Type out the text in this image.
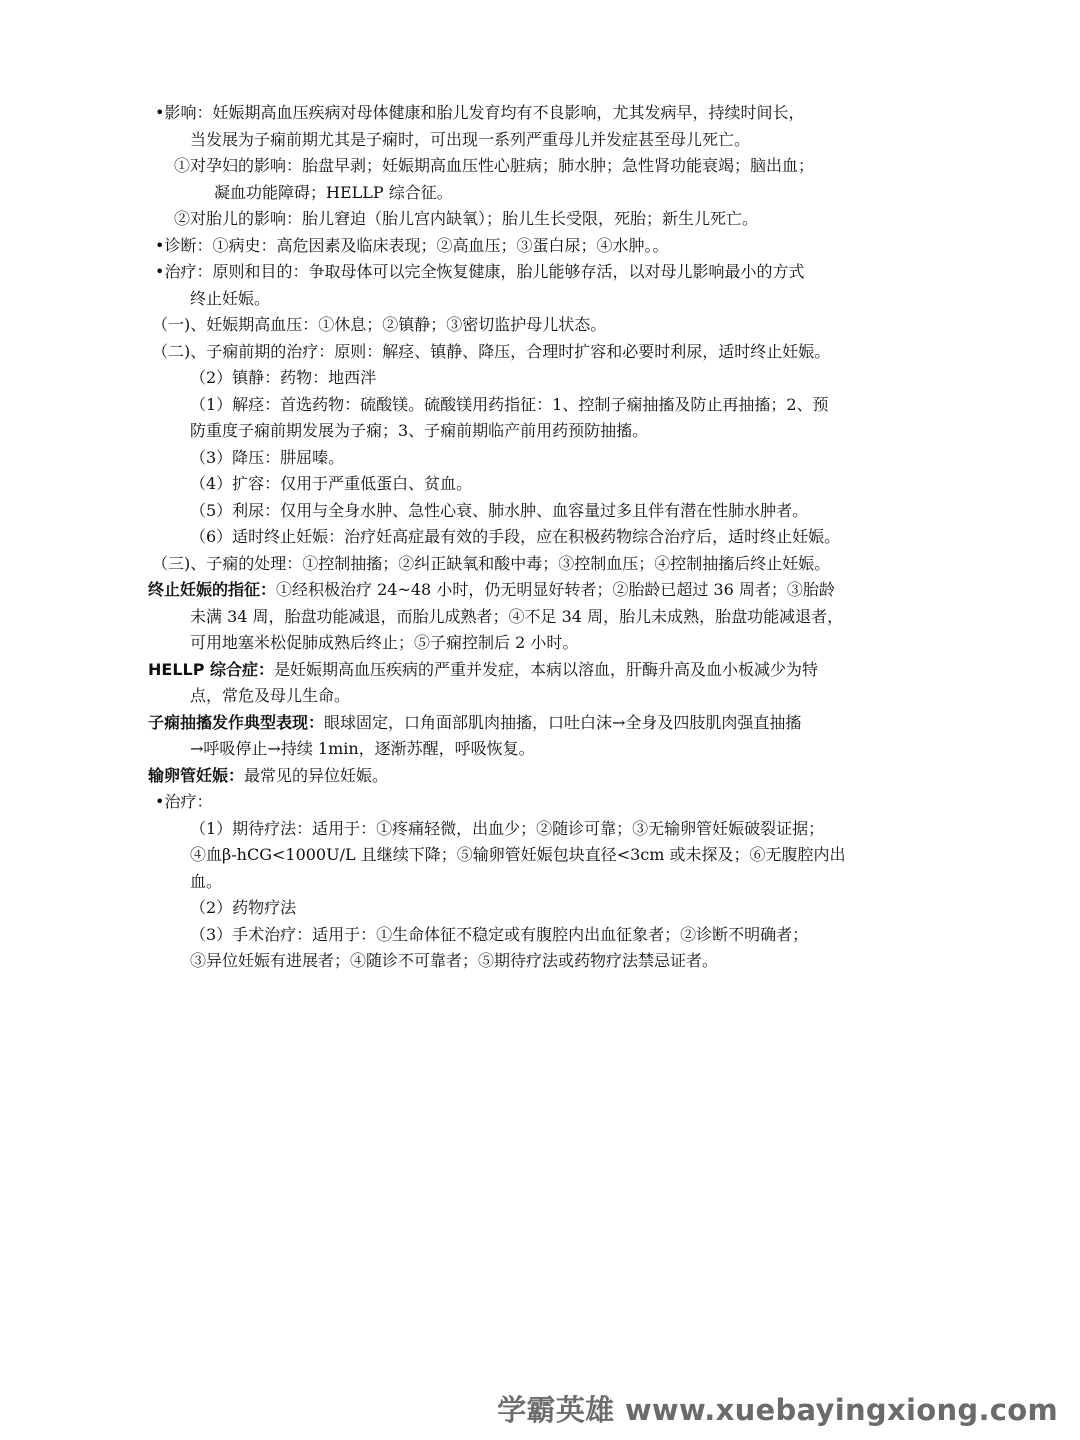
•影响：妊娠期高血压疾病对母体健康和胎儿发育均有不良影响，尤其发病早，持续时间长，
当发展为子痫前期尤其是子痫时，可出现一系列严重母儿并发症甚至母儿死亡。
①对孕妇的影响：胎盘早剥；妊娠期高血压性心脏病；肺水肿；急性肾功能衰竭；脑出血；
凝血功能障碍；HELLP 综合征。
②对胎儿的影响：胎儿窘迫（胎儿宫内缺氧）；胎儿生长受限，死胎；新生儿死亡。
•诊断：①病史：高危因素及临床表现；②高血压；③蛋白尿；④水肿。。
•治疗：原则和目的：争取母体可以完全恢复健康，胎儿能够存活，以对母儿影响最小的方式
终止妊娠。
（一)、妊娠期高血压：①休息；②镇静；③密切监护母儿状态。
（二)、子痫前期的治疗：原则：解痉、镇静、降压，合理时扩容和必要时利尿，适时终止妊娠。
（2）镇静：药物：地西泮
（1）解痉：首选药物：硫酸镁。硫酸镁用药指征：1、控制子痫抽搐及防止再抽搐；2、预
防重度子痫前期发展为子痫；3、子痫前期临产前用药预防抽搐。
（3）降压：肼屈嗪。
（4）扩容：仅用于严重低蛋白、贫血。
（5）利尿：仅用与全身水肿、急性心衰、肺水肿、血容量过多且伴有潜在性肺水肿者。
（6）适时终止妊娠：治疗妊高症最有效的手段，应在积极药物综合治疗后，适时终止妊娠。
（三)、子痫的处理：①控制抽搐；②纠正缺氧和酸中毒；③控制血压；④控制抽搐后终止妊娠。
终止妊娠的指征：①经积极治疗 24~48 小时，仍无明显好转者；②胎龄已超过 36 周者；③胎龄
未满 34 周，胎盘功能减退，而胎儿成熟者；④不足 34 周，胎儿未成熟，胎盘功能减退者，
可用地塞米松促肺成熟后终止；⑤子痫控制后 2 小时。
HELLP 综合症：是妊娠期高血压疾病的严重并发症，本病以溶血，肝酶升高及血小板减少为特
点，常危及母儿生命。
子痫抽搐发作典型表现：眼球固定，口角面部肌肉抽搐，口吐白沫→全身及四肢肌肉强直抽搐
→呼吸停止→持续 1min，逐渐苏醒，呼吸恢复。
输卵管妊娠：最常见的异位妊娠。
•治疗：
（1）期待疗法：适用于：①疼痛轻微，出血少；②随诊可靠；③无输卵管妊娠破裂证据；
④血β-hCG<1000U/L 且继续下降；⑤输卵管妊娠包块直径<3cm 或未探及；⑥无腹腔内出
血。
（2）药物疗法
（3）手术治疗：适用于：①生命体征不稳定或有腹腔内出血征象者；②诊断不明确者；
③异位妊娠有进展者；④随诊不可靠者；⑤期待疗法或药物疗法禁忌证者。
学霸英雄 www.xuebayingxiong.com
